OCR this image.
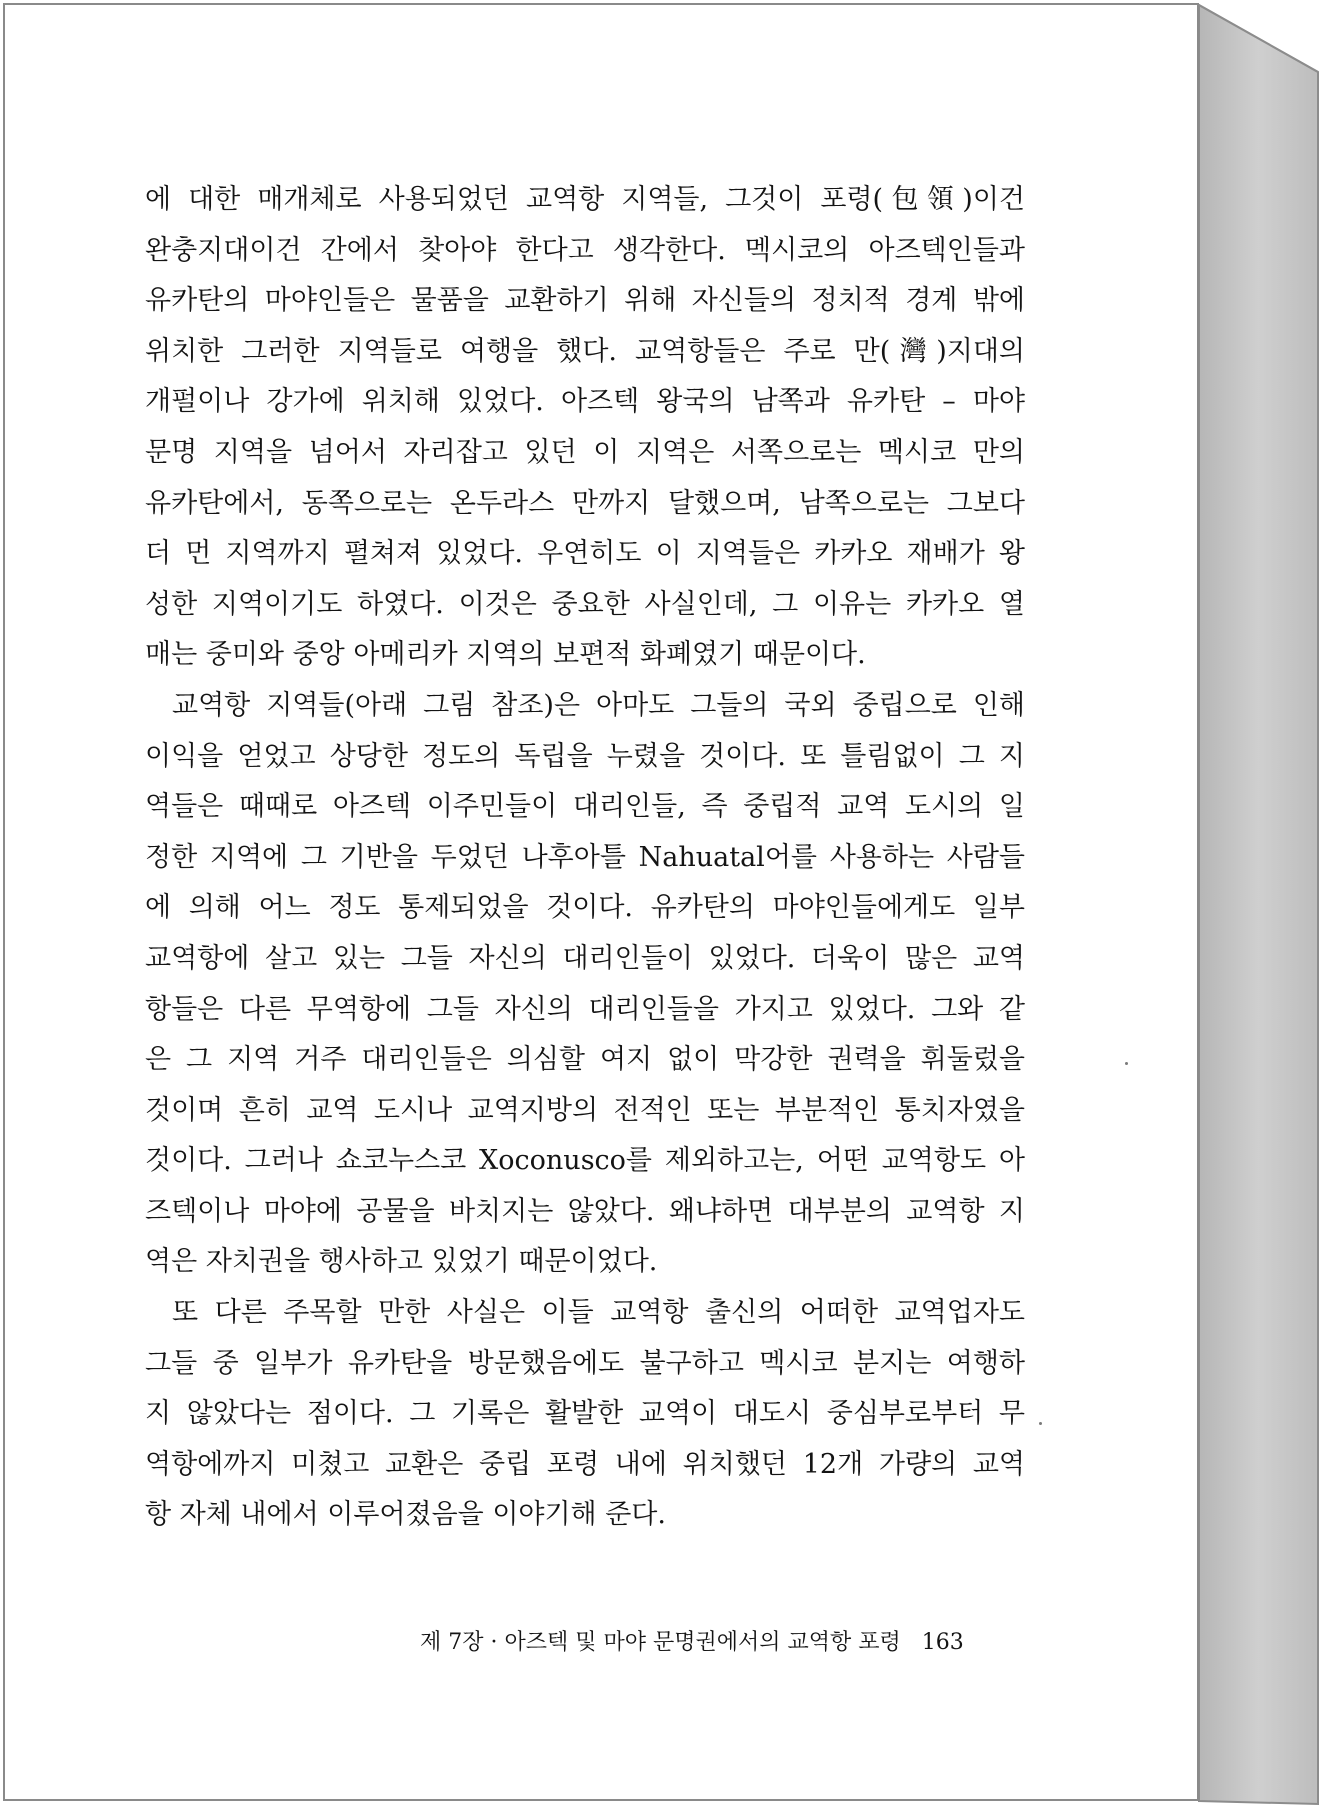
에 대한 매개체로 사용되었던 교역항 지역들, 그것이 포령(包領)이건
완충지대이건 간에서 찾아야 한다고 생각한다. 멕시코의 아즈텍인들과
유카탄의 마야인들은 물품을 교환하기 위해 자신들의 정치적 경계 밖에
위치한 그러한 지역들로 여행을 했다. 교역항들은 주로 만(灣)지대의
개펄이나 강가에 위치해 있었다. 아즈텍 왕국의 남쪽과 유카탄 – 마야
문명 지역을 넘어서 자리잡고 있던 이 지역은 서쪽으로는 멕시코 만의
유카탄에서, 동쪽으로는 온두라스 만까지 달했으며, 남쪽으로는 그보다
더 먼 지역까지 펼쳐져 있었다. 우연히도 이 지역들은 카카오 재배가 왕
성한 지역이기도 하였다. 이것은 중요한 사실인데, 그 이유는 카카오 열
매는 중미와 중앙 아메리카 지역의 보편적 화폐였기 때문이다.
교역항 지역들(아래 그림 참조)은 아마도 그들의 국외 중립으로 인해
이익을 얻었고 상당한 정도의 독립을 누렸을 것이다. 또 틀림없이 그 지
역들은 때때로 아즈텍 이주민들이 대리인들, 즉 중립적 교역 도시의 일
정한 지역에 그 기반을 두었던 나후아틀 Nahuatal어를 사용하는 사람들
에 의해 어느 정도 통제되었을 것이다. 유카탄의 마야인들에게도 일부
교역항에 살고 있는 그들 자신의 대리인들이 있었다. 더욱이 많은 교역
항들은 다른 무역항에 그들 자신의 대리인들을 가지고 있었다. 그와 같
은 그 지역 거주 대리인들은 의심할 여지 없이 막강한 권력을 휘둘렀을
것이며 흔히 교역 도시나 교역지방의 전적인 또는 부분적인 통치자였을
것이다. 그러나 쇼코누스코 Xoconusco를 제외하고는, 어떤 교역항도 아
즈텍이나 마야에 공물을 바치지는 않았다. 왜냐하면 대부분의 교역항 지
역은 자치권을 행사하고 있었기 때문이었다.
또 다른 주목할 만한 사실은 이들 교역항 출신의 어떠한 교역업자도
그들 중 일부가 유카탄을 방문했음에도 불구하고 멕시코 분지는 여행하
지 않았다는 점이다. 그 기록은 활발한 교역이 대도시 중심부로부터 무
역항에까지 미쳤고 교환은 중립 포령 내에 위치했던 12개 가량의 교역
항 자체 내에서 이루어졌음을 이야기해 준다.
제 7장 · 아즈텍 및 마야 문명권에서의 교역항 포령 163
